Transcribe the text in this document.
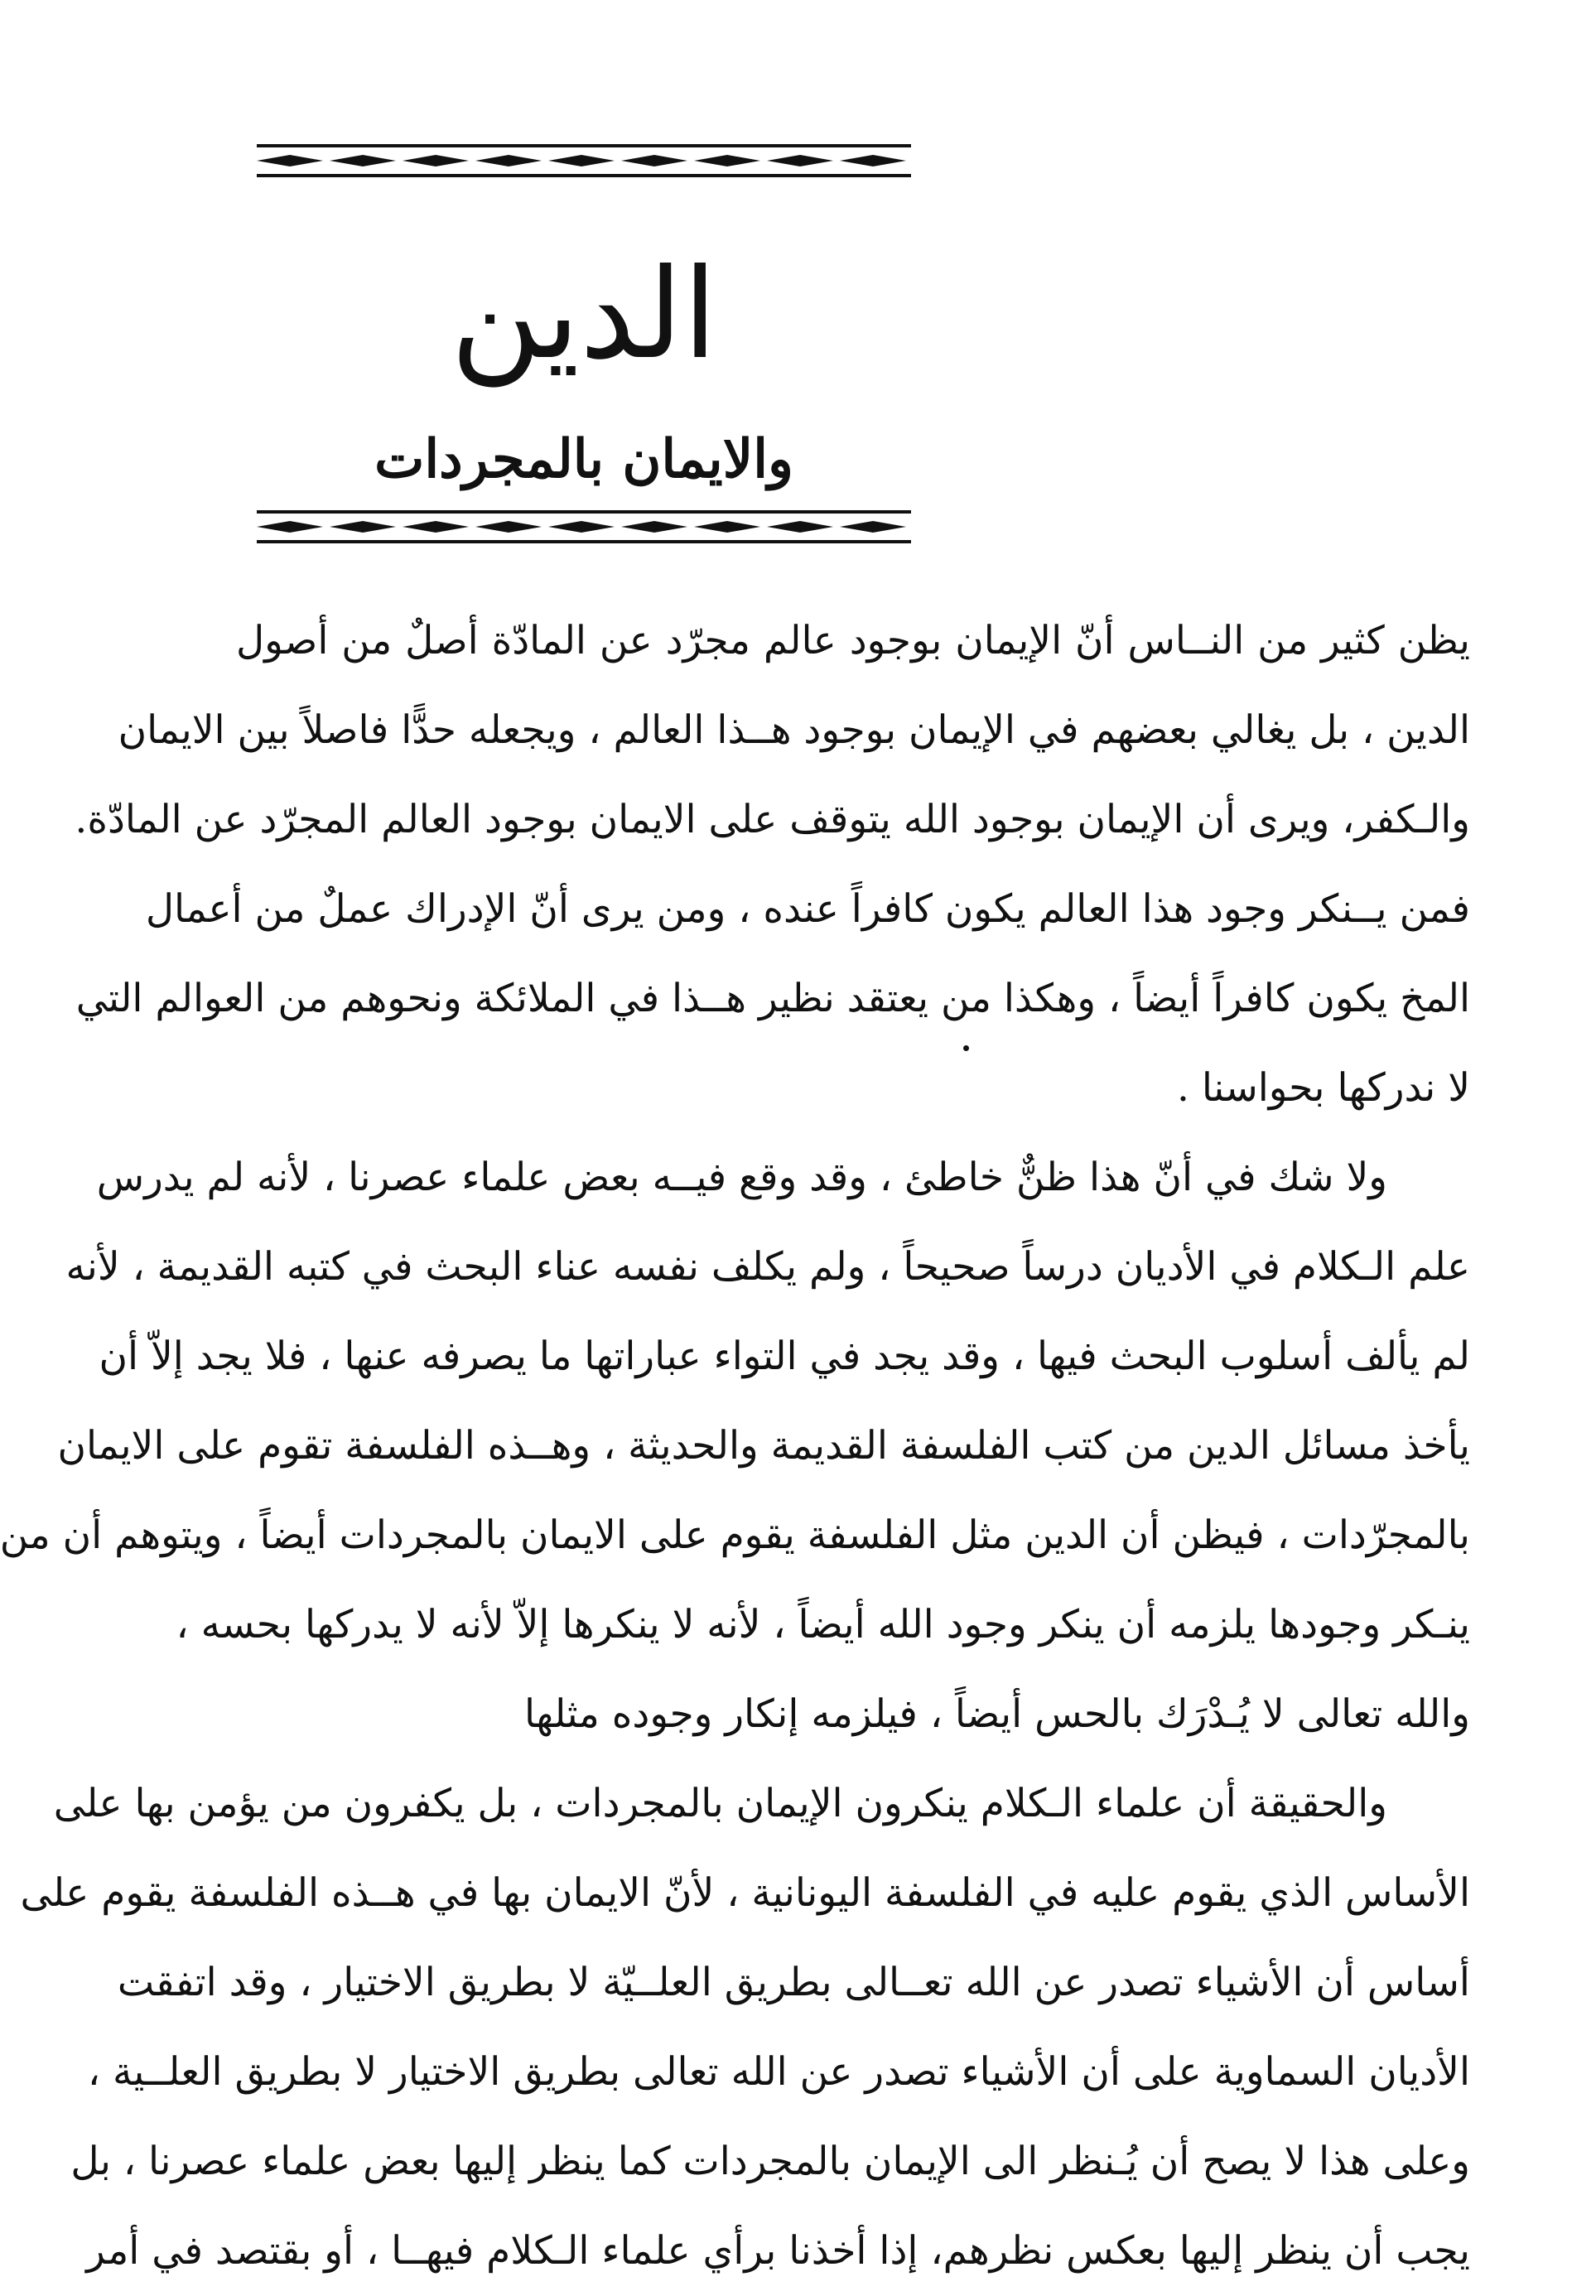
الدين
والايمان بالمجردات
يظن كثير من النــاس أنّ الإيمان بوجود عالم مجرّد عن المادّة أصلٌ من أصول
الدين ، بل يغالي بعضهم في الإيمان بوجود هــذا العالم ، ويجعله حدًّا فاصلاً بين الايمان
والـكفر، ويرى أن الإيمان بوجود الله يتوقف على الايمان بوجود العالم المجرّد عن المادّة.
فمن يــنكر وجود هذا العالم يكون كافراً عنده ، ومن يرى أنّ الإدراك عملٌ من أعمال
المخ يكون كافراً أيضاً ، وهكذا من يعتقد نظير هــذا في الملائكة ونحوهم من العوالم التي
لا ندركها بحواسنا .
ولا شك في أنّ هذا ظنٌّ خاطئ ، وقد وقع فيــه بعض علماء عصرنا ، لأنه لم يدرس
علم الـكلام في الأديان درساً صحيحاً ، ولم يكلف نفسه عناء البحث في كتبه القديمة ، لأنه
لم يألف أسلوب البحث فيها ، وقد يجد في التواء عباراتها ما يصرفه عنها ، فلا يجد إلاّ أن
يأخذ مسائل الدين من كتب الفلسفة القديمة والحديثة ، وهــذه الفلسفة تقوم على الايمان
بالمجرّدات ، فيظن أن الدين مثل الفلسفة يقوم على الايمان بالمجردات أيضاً ، ويتوهم أن من
ينـكر وجودها يلزمه أن ينكر وجود الله أيضاً ، لأنه لا ينكرها إلاّ لأنه لا يدركها بحسه ،
والله تعالى لا يُـدْرَك بالحس أيضاً ، فيلزمه إنكار وجوده مثلها
والحقيقة أن علماء الـكلام ينكرون الإيمان بالمجردات ، بل يكفرون من يؤمن بها على
الأساس الذي يقوم عليه في الفلسفة اليونانية ، لأنّ الايمان بها في هــذه الفلسفة يقوم على
أساس أن الأشياء تصدر عن الله تعــالى بطريق العلــيّة لا بطريق الاختيار ، وقد اتفقت
الأديان السماوية على أن الأشياء تصدر عن الله تعالى بطريق الاختيار لا بطريق العلــية ،
وعلى هذا لا يصح أن يُـنظر الى الإيمان بالمجردات كما ينظر إليها بعض علماء عصرنا ، بل
يجب أن ينظر إليها بعكس نظرهم، إذا أخذنا برأي علماء الـكلام فيهــا ، أو بقتصد في أمر
